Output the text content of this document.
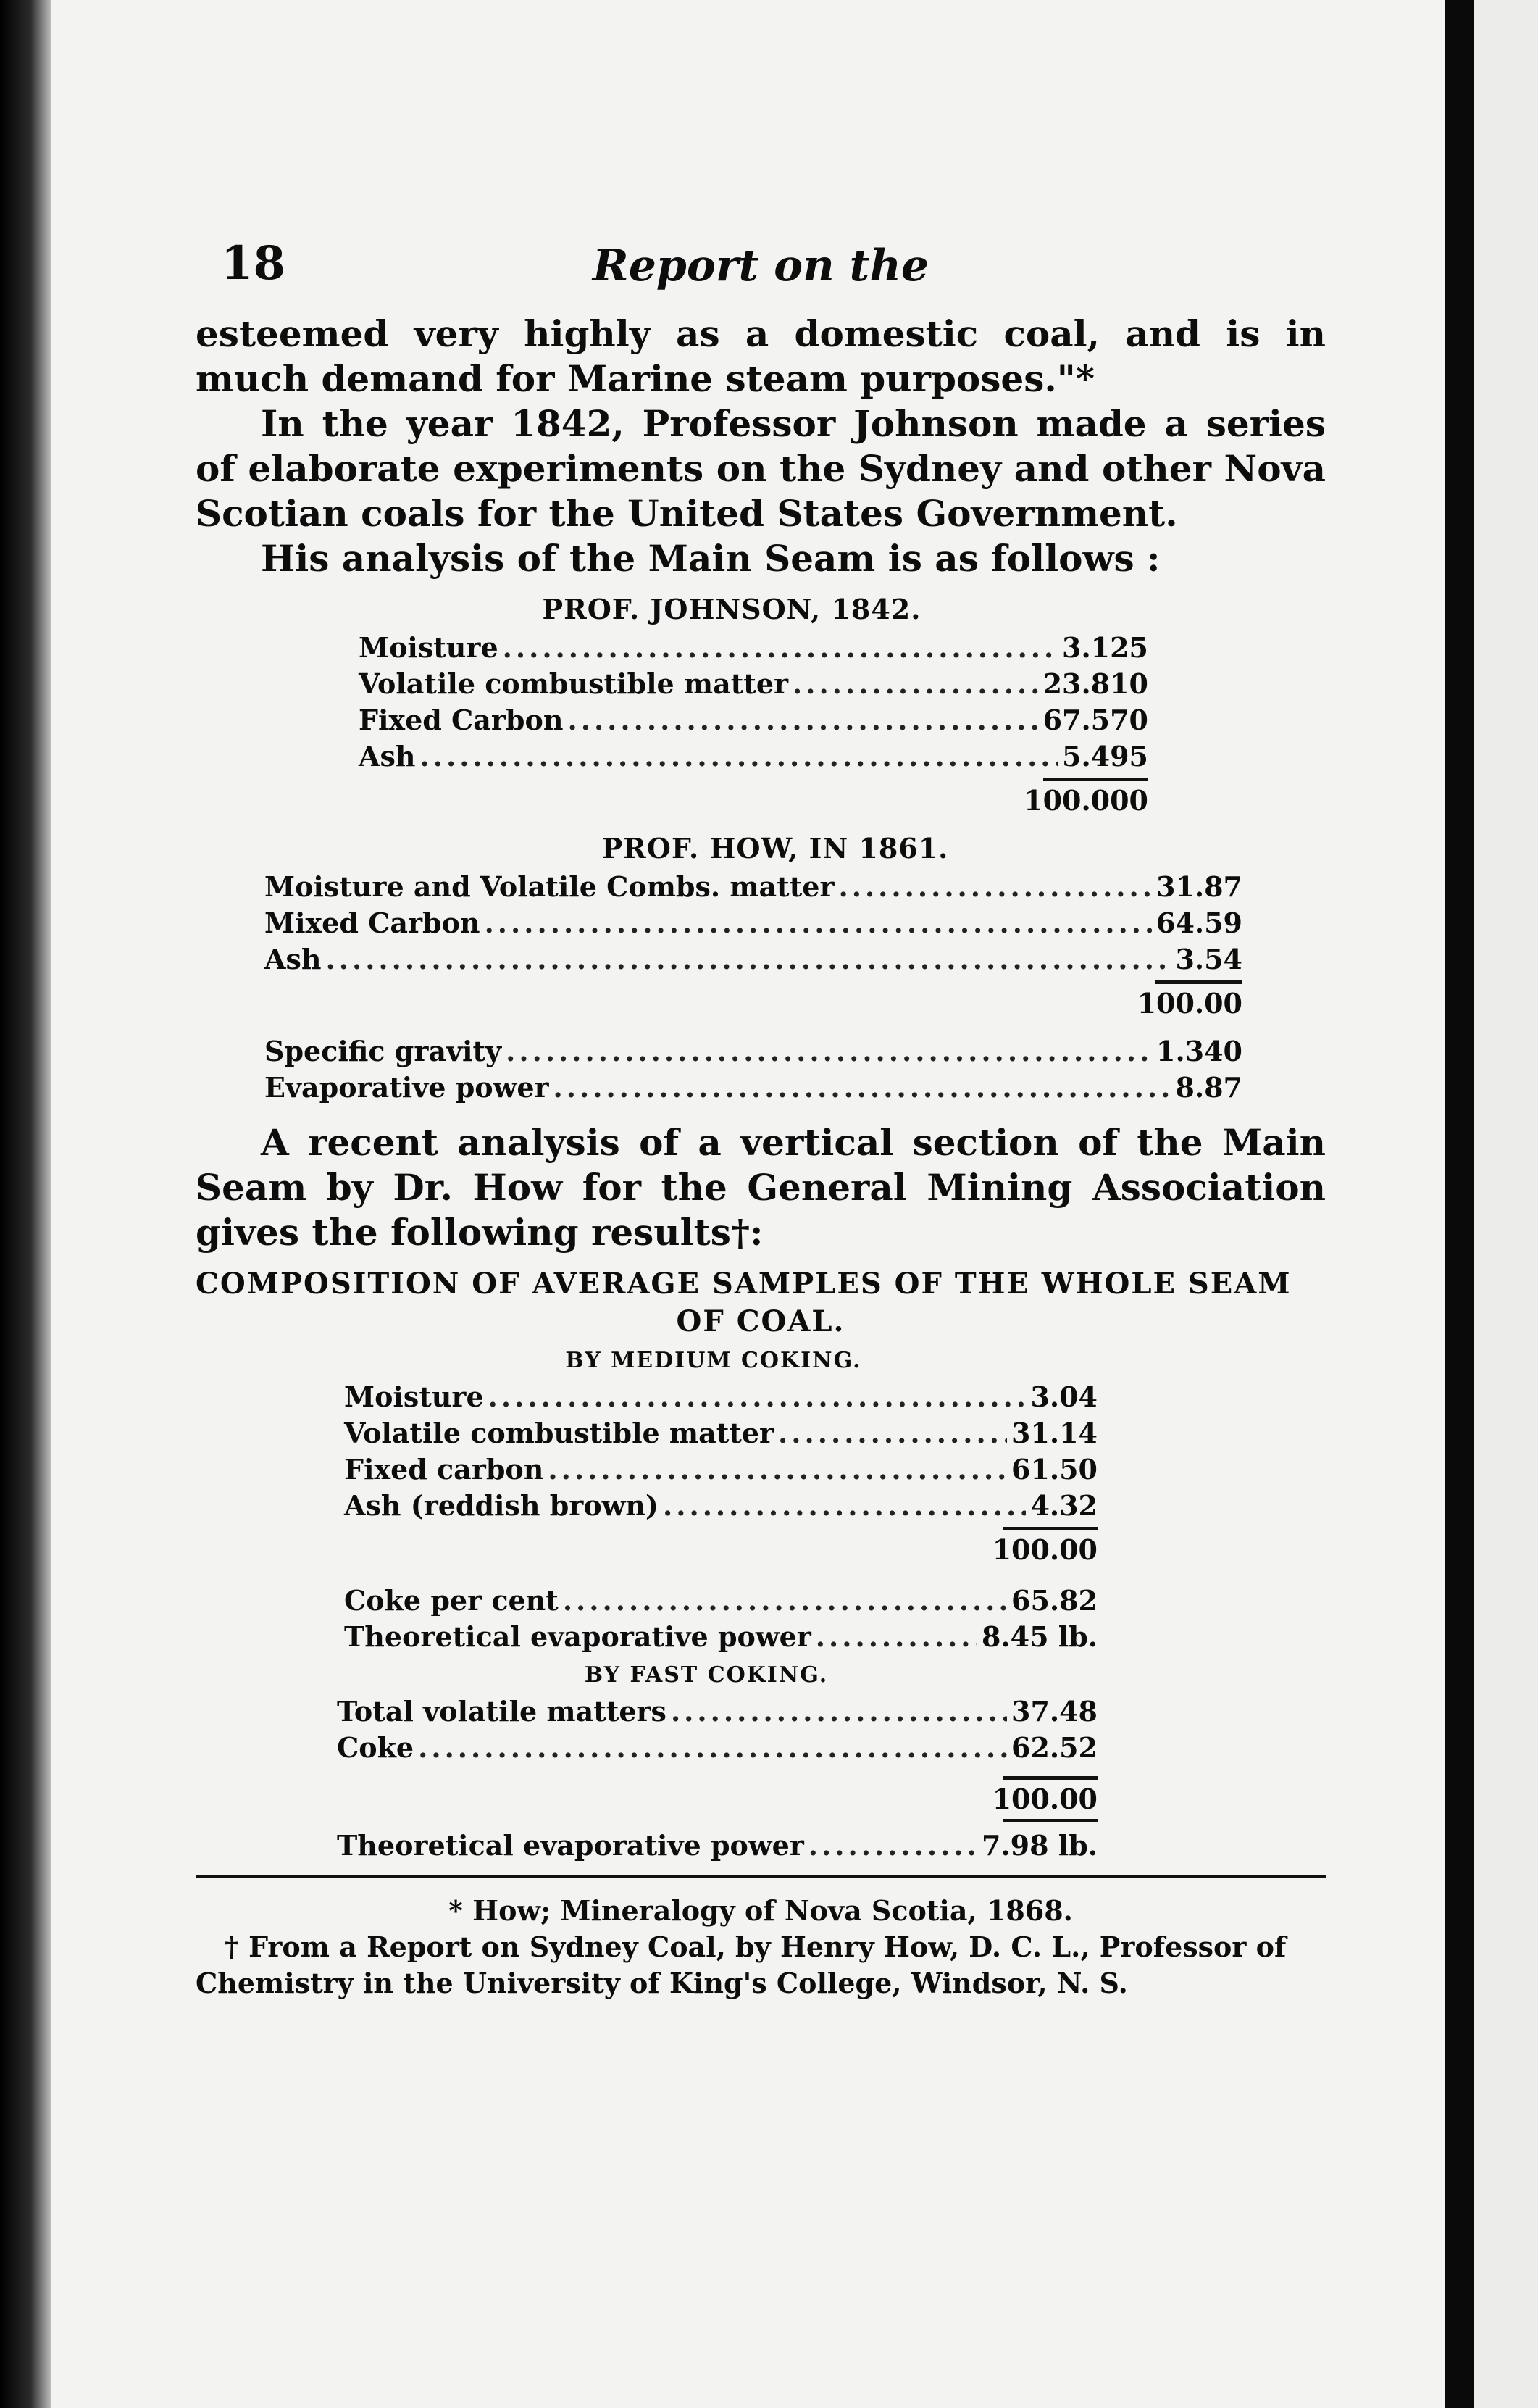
18	Report on the

esteemed very highly as a domestic coal, and is in much demand for Marine steam purposes."*

In the year 1842, Professor Johnson made a series of elaborate experiments on the Sydney and other Nova Scotian coals for the United States Government.

His analysis of the Main Seam is as follows :

PROF. JOHNSON, 1842.
Moisture .....	3.125
Volatile combustible matter .....	23.810
Fixed Carbon .....	67.570
Ash .....	5.495
100.000
PROF. HOW, IN 1861.
Moisture and Volatile Combs. matter .....	31.87
Mixed Carbon .....	64.59
Ash .....	3.54
100.00
Specific gravity .....	1.340
Evaporative power .....	8.87

A recent analysis of a vertical section of the Main Seam by Dr. How for the General Mining Association gives the following results†:

COMPOSITION OF AVERAGE SAMPLES OF THE WHOLE SEAM
OF COAL.
BY MEDIUM COKING.
Moisture .....	3.04
Volatile combustible matter .....	31.14
Fixed carbon .....	61.50
Ash (reddish brown) .....	4.32
100.00
Coke per cent .....	65.82
Theoretical evaporative power .....	8.45 lb.
BY FAST COKING.
Total volatile matters .....	37.48
Coke .....	62.52
100.00
Theoretical evaporative power .....	7.98 lb.
* How; Mineralogy of Nova Scotia, 1868.
† From a Report on Sydney Coal, by Henry How, D. C. L., Professor of Chemistry in the University of King's College, Windsor, N. S.
